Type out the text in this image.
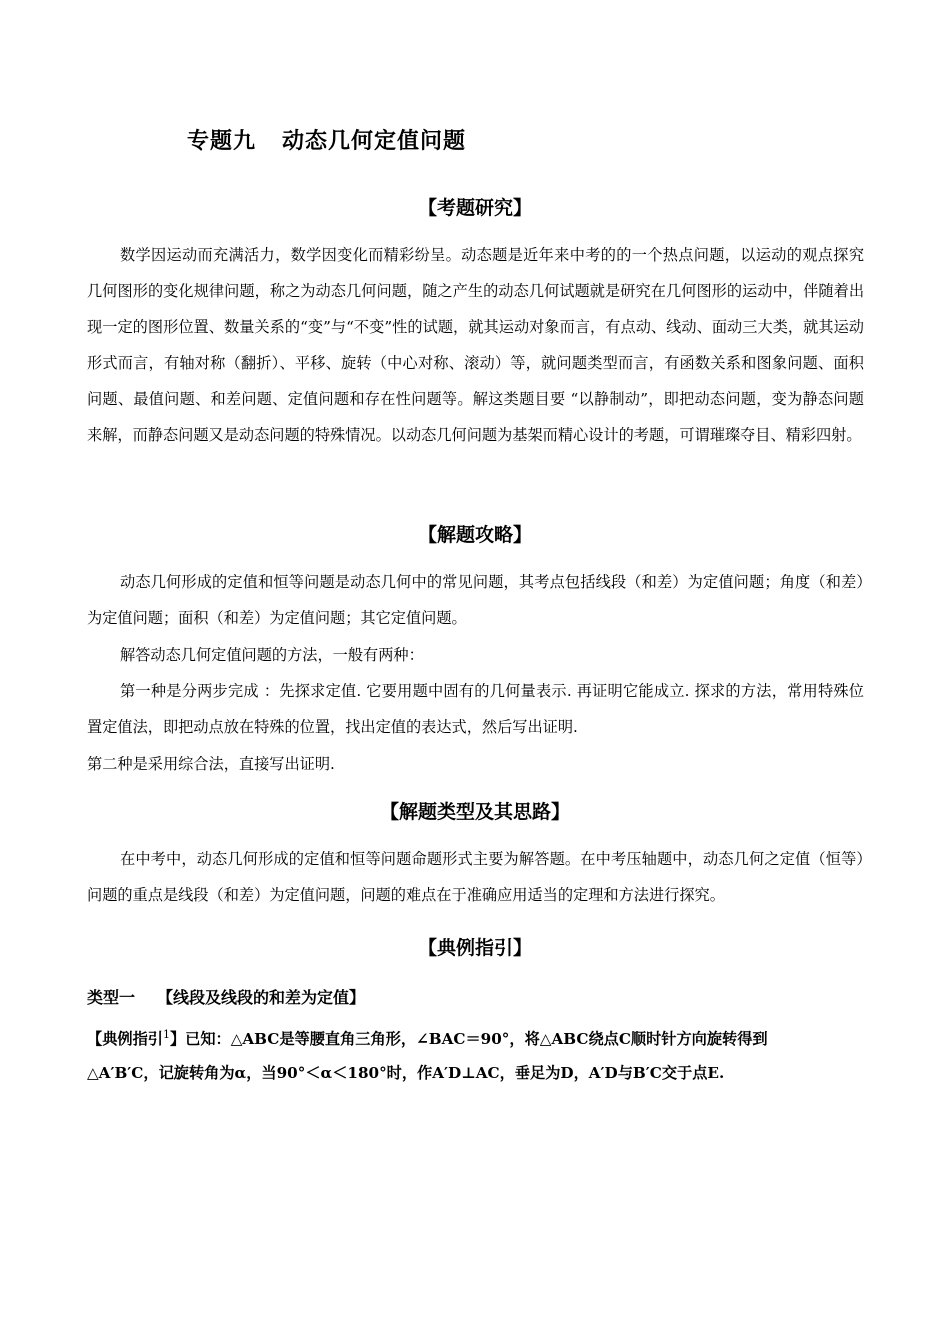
专题九 动态几何定值问题
【考题研究】
数学因运动而充满活力，数学因变化而精彩纷呈。动态题是近年来中考的的一个热点问题，以运动的观点探究几何图形的变化规律问题，称之为动态几何问题，随之产生的动态几何试题就是研究在几何图形的运动中，伴随着出现一定的图形位置、数量关系的“变”与“不变”性的试题，就其运动对象而言，有点动、线动、面动三大类，就其运动形式而言，有轴对称（翻折）、平移、旋转（中心对称、滚动）等，就问题类型而言，有函数关系和图象问题、面积问题、最值问题、和差问题、定值问题和存在性问题等。解这类题目要 “以静制动”，即把动态问题，变为静态问题来解，而静态问题又是动态问题的特殊情况。以动态几何问题为基架而精心设计的考题，可谓璀璨夺目、精彩四射。
【解题攻略】
动态几何形成的定值和恒等问题是动态几何中的常见问题，其考点包括线段（和差）为定值问题；角度（和差）为定值问题；面积（和差）为定值问题；其它定值问题。
解答动态几何定值问题的方法，一般有两种：
第一种是分两步完成 ：先探求定值. 它要用题中固有的几何量表示. 再证明它能成立. 探求的方法，常用特殊位置定值法，即把动点放在特殊的位置，找出定值的表达式，然后写出证明.
第二种是采用综合法，直接写出证明.
【解题类型及其思路】
在中考中，动态几何形成的定值和恒等问题命题形式主要为解答题。在中考压轴题中，动态几何之定值（恒等）问题的重点是线段（和差）为定值问题，问题的难点在于准确应用适当的定理和方法进行探究。
【典例指引】
类型一 【线段及线段的和差为定值】
【典例指引$^1$】已知：△ABC是等腰直角三角形，∠BAC＝90°，将△ABC绕点C顺时针方向旋转得到
△A′B′C，记旋转角为α，当90°＜α＜180°时，作A′D⊥AC，垂足为D，A′D与B′C交于点E.
